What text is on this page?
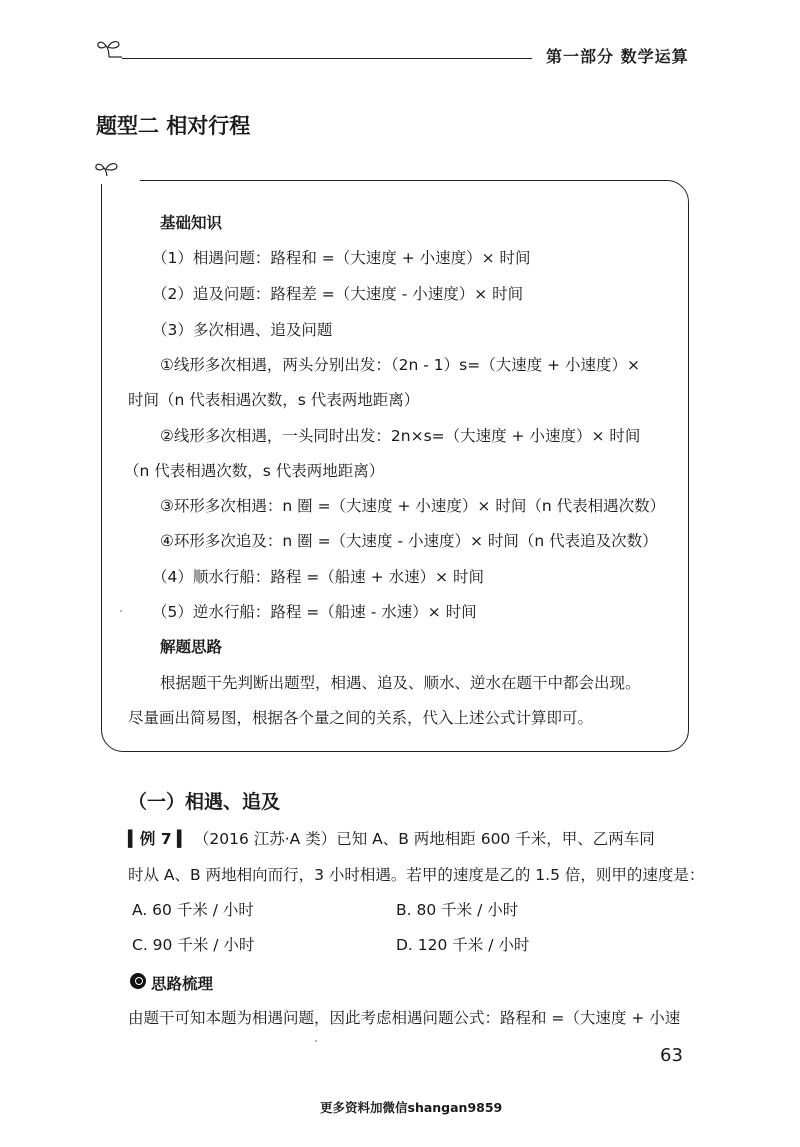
第一部分 数学运算
题型二 相对行程
基础知识
（1）相遇问题：路程和 =（大速度 + 小速度）× 时间
（2）追及问题：路程差 =（大速度 - 小速度）× 时间
（3）多次相遇、追及问题
①线形多次相遇，两头分别出发：（2n - 1）s=（大速度 + 小速度）×
时间（n 代表相遇次数，s 代表两地距离）
②线形多次相遇，一头同时出发：2n×s=（大速度 + 小速度）× 时间
（n 代表相遇次数，s 代表两地距离）
③环形多次相遇：n 圈 =（大速度 + 小速度）× 时间（n 代表相遇次数）
④环形多次追及：n 圈 =（大速度 - 小速度）× 时间（n 代表追及次数）
（4）顺水行船：路程 =（船速 + 水速）× 时间
（5）逆水行船：路程 =（船速 - 水速）× 时间
解题思路
根据题干先判断出题型，相遇、追及、顺水、逆水在题干中都会出现。
尽量画出简易图，根据各个量之间的关系，代入上述公式计算即可。
（一）相遇、追及
▍例 7 ▍ （2016 江苏·A 类）已知 A、B 两地相距 600 千米，甲、乙两车同
时从 A、B 两地相向而行，3 小时相遇。若甲的速度是乙的 1.5 倍，则甲的速度是：
A. 60 千米 / 小时	B. 80 千米 / 小时
C. 90 千米 / 小时	D. 120 千米 / 小时
思路梳理
由题干可知本题为相遇问题，因此考虑相遇问题公式：路程和 =（大速度 + 小速
63
更多资料加微信shangan9859
